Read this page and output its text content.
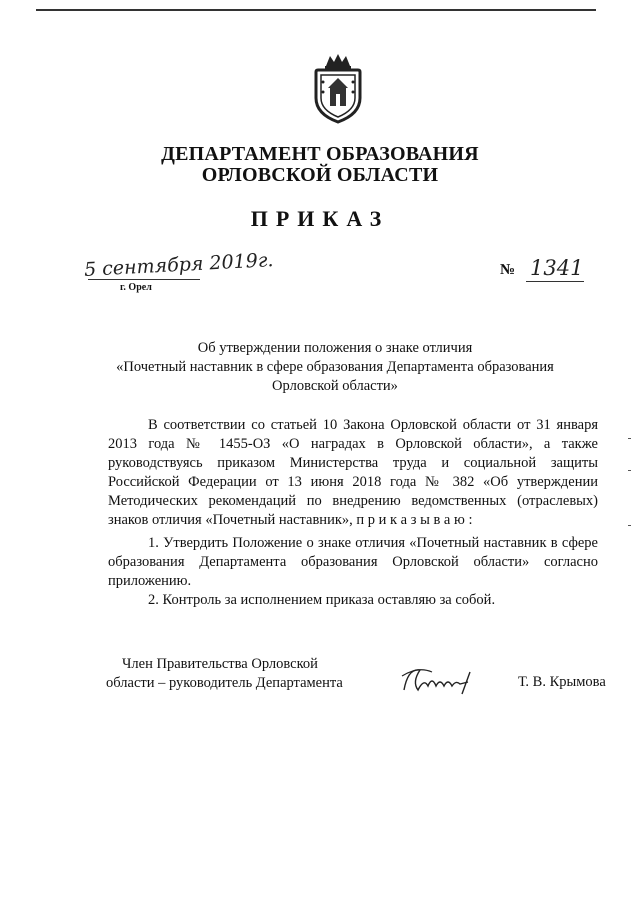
ДЕПАРТАМЕНТ ОБРАЗОВАНИЯ
ОРЛОВСКОЙ ОБЛАСТИ
ПРИКАЗ
5 сентября 2019г.
г. Орел
№ 1341
Об утверждении положения о знаке отличия
«Почетный наставник в сфере образования Департамента образования
Орловской области»
В соответствии со статьей 10 Закона Орловской области от 31 января 2013 года № 1455-ОЗ «О наградах в Орловской области», а также руководствуясь приказом Министерства труда и социальной защиты Российской Федерации от 13 июня 2018 года № 382 «Об утверждении Методических рекомендаций по внедрению ведомственных (отраслевых) знаков отличия «Почетный наставник», п р и к а з ы в а ю :
1. Утвердить Положение о знаке отличия «Почетный наставник в сфере образования Департамента образования Орловской области» согласно приложению.
2. Контроль за исполнением приказа оставляю за собой.
Член Правительства Орловской
области – руководитель Департамента	Т. В. Крымова
